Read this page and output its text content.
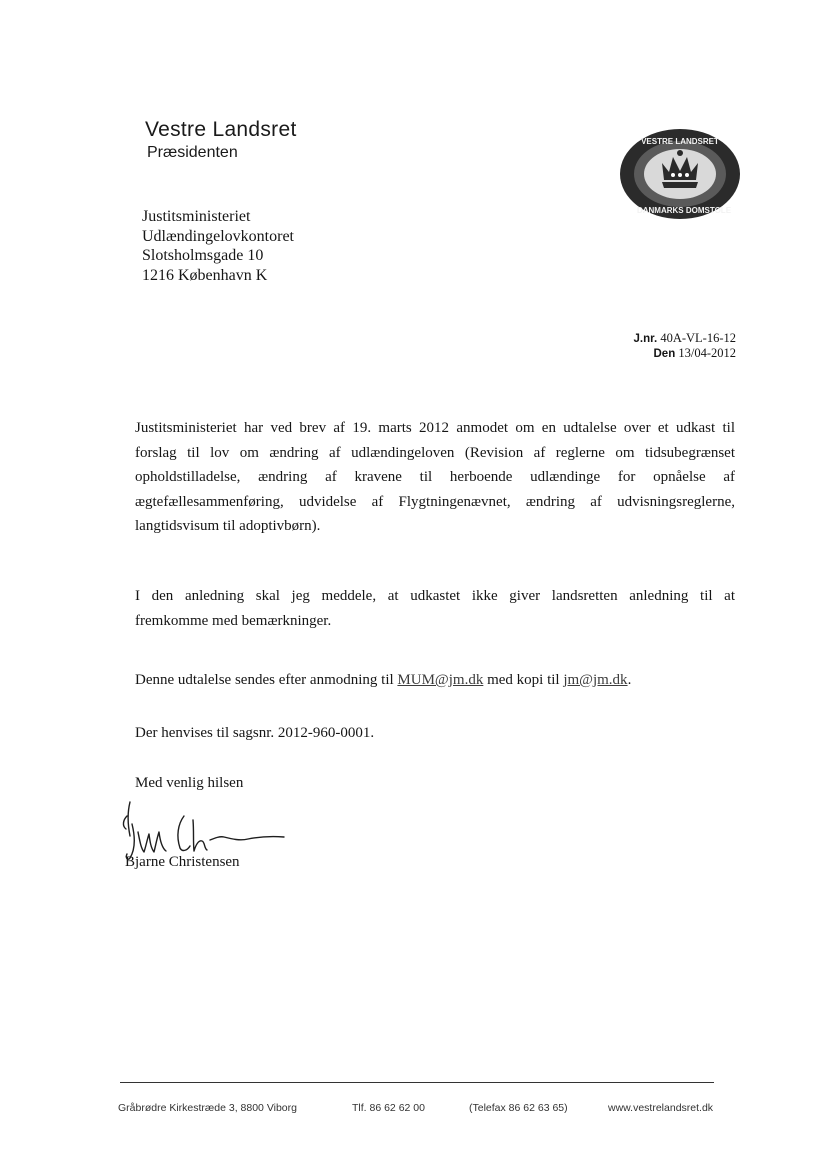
Vestre Landsret
Præsidenten
VESTRE LANDSRET
DANMARKS DOMSTOLE
Justitsministeriet
Udlændingelovkontoret
Slotsholmsgade 10
1216 København K
J.nr. 40A-VL-16-12
Den 13/04-2012
Justitsministeriet har ved brev af 19. marts 2012 anmodet om en udtalelse over et udkast til
forslag til lov om ændring af udlændingeloven (Revision af reglerne om tidsubegrænset
opholdstilladelse, ændring af kravene til herboende udlændinge for opnåelse af
ægtefællesammenføring, udvidelse af Flygtningenævnet, ændring af udvisningsreglerne,
langtidsvisum til adoptivbørn).
I den anledning skal jeg meddele, at udkastet ikke giver landsretten anledning til at
fremkomme med bemærkninger.
Denne udtalelse sendes efter anmodning til MUM@jm.dk med kopi til jm@jm.dk.
Der henvises til sagsnr. 2012-960-0001.
Med venlig hilsen
Bjarne Christensen
Gråbrødre Kirkestræde 3, 8800 Viborg	Tlf. 86 62 62 00	(Telefax 86 62 63 65)	www.vestrelandsret.dk
